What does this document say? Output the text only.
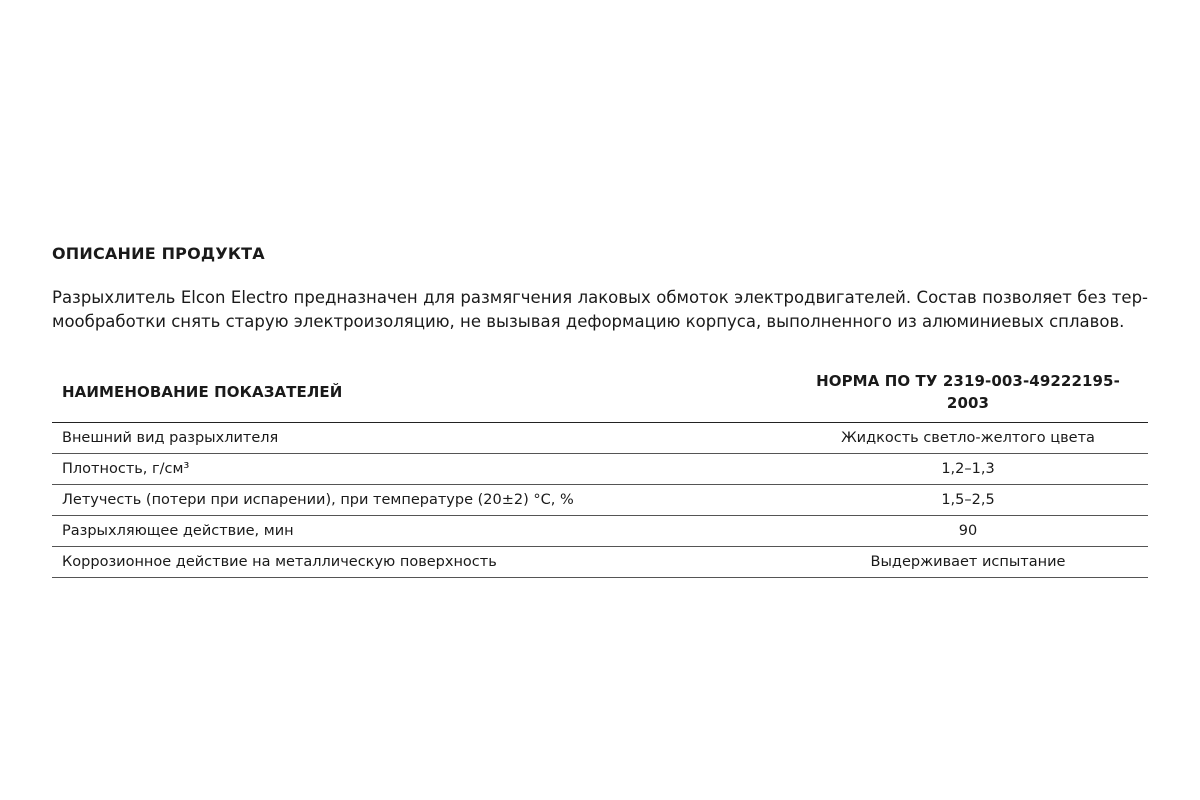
ОПИСАНИЕ ПРОДУКТА

Разрыхлитель Elcon Electro предназначен для размягчения лаковых обмоток электродвигателей. Состав позволяет без тер-мообработки снять старую электроизоляцию, не вызывая деформацию корпуса, выполненного из алюминиевых сплавов.

НАИМЕНОВАНИЕ ПОКАЗАТЕЛЕЙ	НОРМА ПО ТУ 2319-003-49222195-2003
Внешний вид разрыхлителя	Жидкость светло-желтого цвета
Плотность, г/см³	1,2–1,3
Летучесть (потери при испарении), при температуре (20±2) °С, %	1,5–2,5
Разрыхляющее действие, мин	90
Коррозионное действие на металлическую поверхность	Выдерживает испытание
